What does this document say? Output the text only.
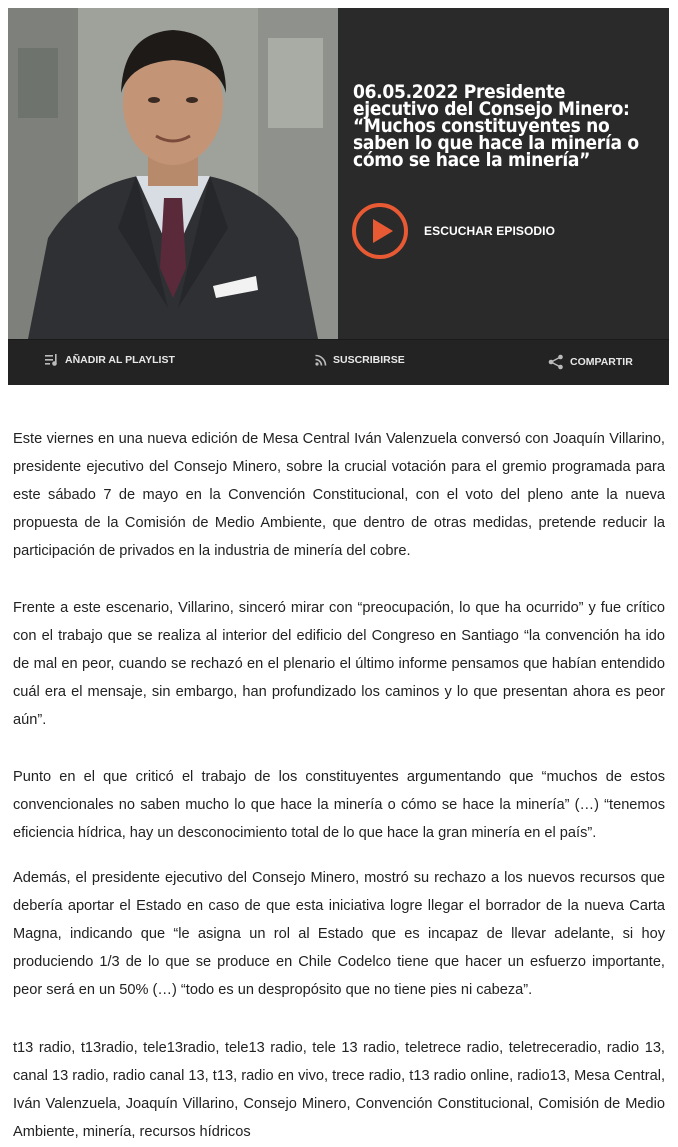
06.05.2022 Presidente ejecutivo del Consejo Minero: “Muchos constituyentes no saben lo que hace la minería o cómo se hace la minería”
ESCUCHAR EPISODIO
AÑADIR AL PLAYLIST	SUSCRIBIRSE	COMPARTIR

Este viernes en una nueva edición de Mesa Central Iván Valenzuela conversó con Joaquín Villarino, presidente ejecutivo del Consejo Minero, sobre la crucial votación para el gremio programada para este sábado 7 de mayo en la Convención Constitucional, con el voto del pleno ante la nueva propuesta de la Comisión de Medio Ambiente, que dentro de otras medidas, pretende reducir la participación de privados en la industria de minería del cobre.

Frente a este escenario, Villarino, sinceró mirar con “preocupación, lo que ha ocurrido” y fue crítico con el trabajo que se realiza al interior del edificio del Congreso en Santiago “la convención ha ido de mal en peor, cuando se rechazó en el plenario el último informe pensamos que habían entendido cuál era el mensaje, sin embargo, han profundizado los caminos y lo que presentan ahora es peor aún”.

Punto en el que criticó el trabajo de los constituyentes argumentando que “muchos de estos convencionales no saben mucho lo que hace la minería o cómo se hace la minería” (…) “tenemos eficiencia hídrica, hay un desconocimiento total de lo que hace la gran minería en el país”.

Además, el presidente ejecutivo del Consejo Minero, mostró su rechazo a los nuevos recursos que debería aportar el Estado en caso de que esta iniciativa logre llegar el borrador de la nueva Carta Magna, indicando que “le asigna un rol al Estado que es incapaz de llevar adelante, si hoy produciendo 1/3 de lo que se produce en Chile Codelco tiene que hacer un esfuerzo importante, peor será en un 50% (…) “todo es un despropósito que no tiene pies ni cabeza”.

t13 radio, t13radio, tele13radio, tele13 radio, tele 13 radio, teletrece radio, teletreceradio, radio 13, canal 13 radio, radio canal 13, t13, radio en vivo, trece radio, t13 radio online, radio13, Mesa Central, Iván Valenzuela, Joaquín Villarino, Consejo Minero, Convención Constitucional, Comisión de Medio Ambiente, minería, recursos hídricos
